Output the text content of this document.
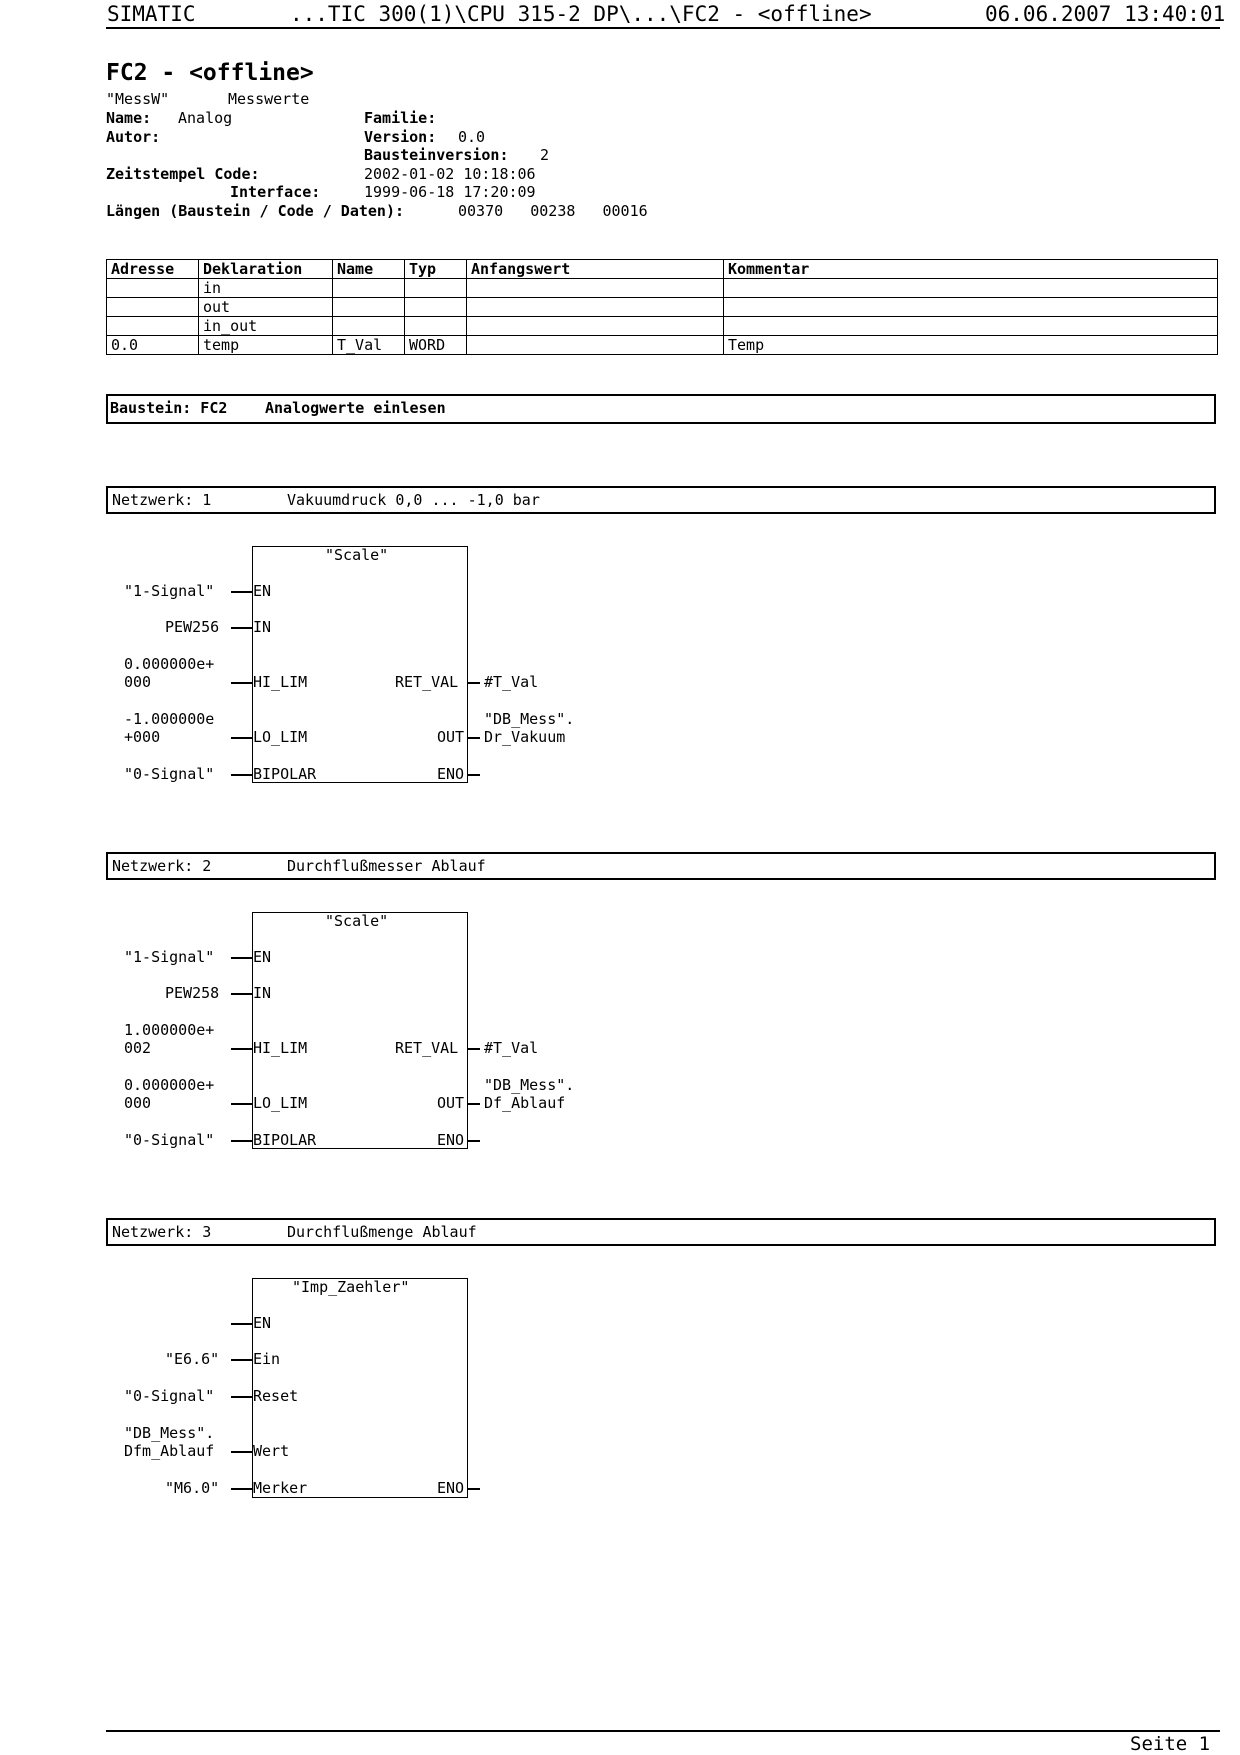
SIMATIC	...TIC 300(1)\CPU 315-2 DP\...\FC2 - <offline>	06.06.2007 13:40:01
FC2 - <offline>
"MessW"	Messwerte
Name: Analog	Familie:
Autor:	Version: 0.0
Bausteinversion: 2
Zeitstempel Code:	2002-01-02 10:18:06
Interface:	1999-06-18 17:20:09
Längen (Baustein / Code / Daten):	00370   00238   00016
Adresse	Deklaration	Name	Typ	Anfangswert	Kommentar
	in				
	out				
	in_out				
0.0	temp	T_Val	WORD		Temp
Baustein: FC2	Analogwerte einlesen
Netzwerk: 1	Vakuumdruck 0,0 ... -1,0 bar
"Scale"
EN
IN
HI_LIM
LO_LIM
BIPOLAR
RET_VAL
OUT
ENO
"1-Signal"
PEW256
0.000000e+
000
-1.000000e
+000
"0-Signal"
#T_Val
"DB_Mess".
Dr_Vakuum
Netzwerk: 2	Durchflußmesser Ablauf
"Scale"
EN
IN
HI_LIM
LO_LIM
BIPOLAR
RET_VAL
OUT
ENO
"1-Signal"
PEW258
1.000000e+
002
0.000000e+
000
"0-Signal"
#T_Val
"DB_Mess".
Df_Ablauf
Netzwerk: 3	Durchflußmenge Ablauf
"Imp_Zaehler"
EN
Ein
Reset
Wert
Merker	ENO
"E6.6"
"0-Signal"
"DB_Mess".
Dfm_Ablauf
"M6.0"
Seite 1
